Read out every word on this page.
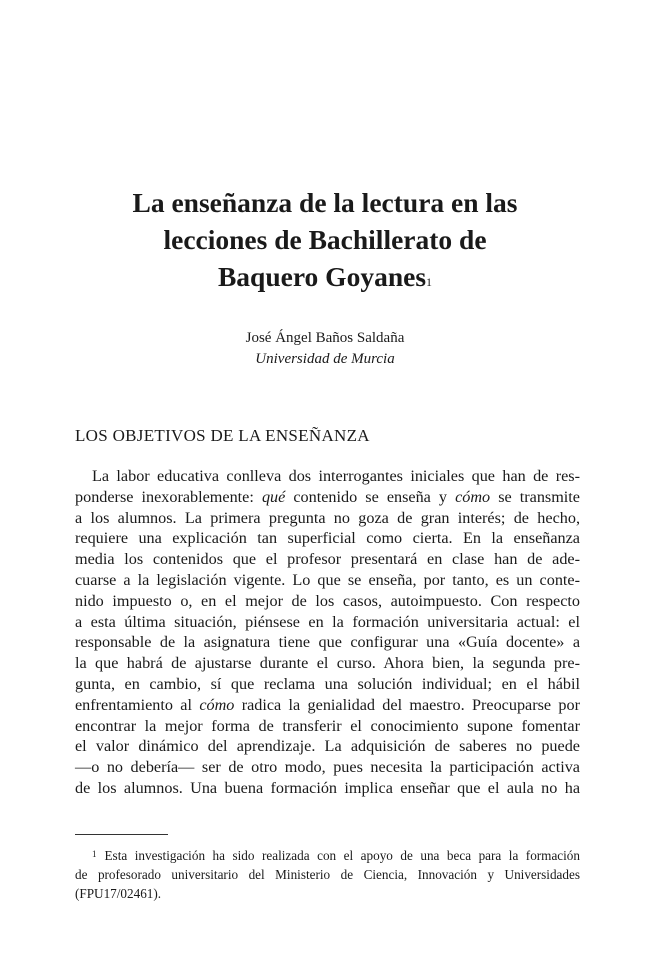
La enseñanza de la lectura en las
lecciones de Bachillerato de
Baquero Goyanes$^1$
José Ángel Baños Saldaña
Universidad de Murcia
LOS OBJETIVOS DE LA ENSEÑANZA
La labor educativa conlleva dos interrogantes iniciales que han de res-
ponderse inexorablemente: qué contenido se enseña y cómo se transmite
a los alumnos. La primera pregunta no goza de gran interés; de hecho,
requiere una explicación tan superficial como cierta. En la enseñanza
media los contenidos que el profesor presentará en clase han de ade-
cuarse a la legislación vigente. Lo que se enseña, por tanto, es un conte-
nido impuesto o, en el mejor de los casos, autoimpuesto. Con respecto
a esta última situación, piénsese en la formación universitaria actual: el
responsable de la asignatura tiene que configurar una «Guía docente» a
la que habrá de ajustarse durante el curso. Ahora bien, la segunda pre-
gunta, en cambio, sí que reclama una solución individual; en el hábil
enfrentamiento al cómo radica la genialidad del maestro. Preocuparse por
encontrar la mejor forma de transferir el conocimiento supone fomentar
el valor dinámico del aprendizaje. La adquisición de saberes no puede
—o no debería— ser de otro modo, pues necesita la participación activa
de los alumnos. Una buena formación implica enseñar que el aula no ha
$^1$ Esta investigación ha sido realizada con el apoyo de una beca para la formación
de profesorado universitario del Ministerio de Ciencia, Innovación y Universidades
(FPU17/02461).
